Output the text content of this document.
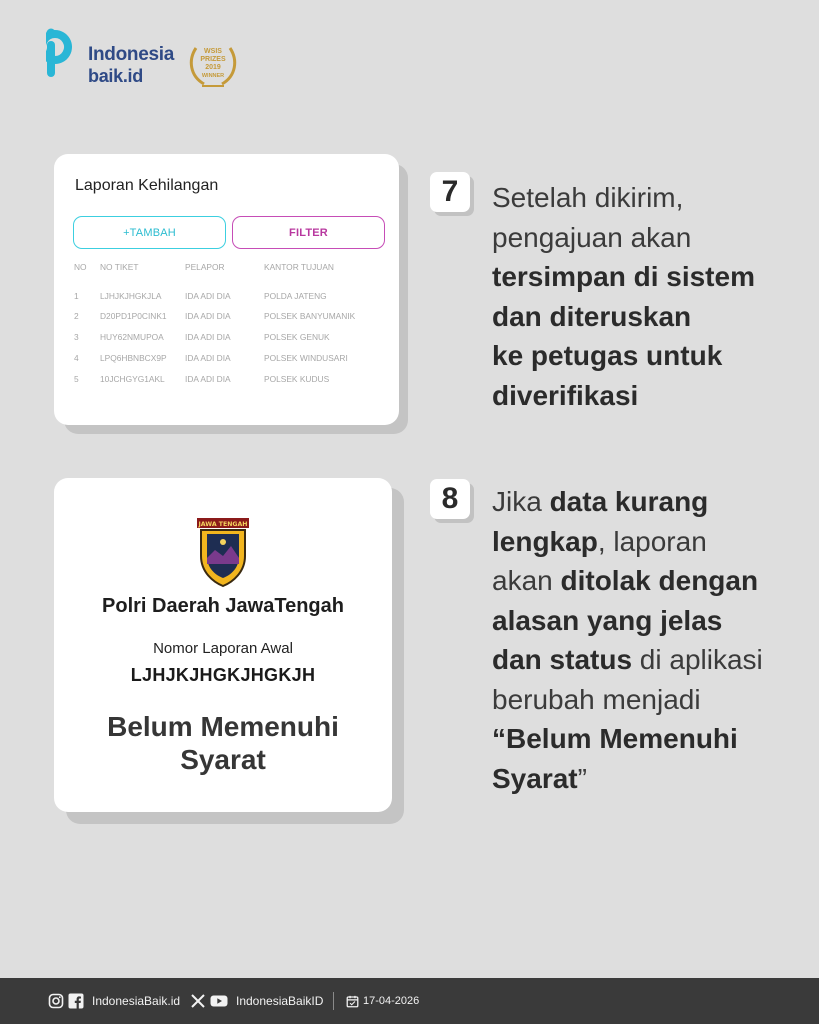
Indonesia
baik.id
WSIS
PRIZES
2019
WINNER
Laporan Kehilangan
+TAMBAH	FILTER
NO NO TIKET	PELAPOR	KANTOR TUJUAN
1	LJHJKJHGKJLA	IDA ADI DIA	POLDA JATENG
2	D20PD1P0CINK1 IDA ADI DIA	POLSEK BANYUMANIK
3	HUY62NMUPOA	IDA ADI DIA	POLSEK GENUK
4	LPQ6HBNBCX9P IDA ADI DIA	POLSEK WINDUSARI
5	10JCHGYG1AKL IDA ADI DIA	POLSEK KUDUS
7	Setelah dikirim,
pengajuan akan
tersimpan di sistem
dan diteruskan
ke petugas untuk
diverifikasi
JAWA TENGAH
Polri Daerah JawaTengah
Nomor Laporan Awal
LJHJKJHGKJHGKJH
Belum Memenuhi Syarat
8	Jika data kurang
lengkap, laporan
akan ditolak dengan
alasan yang jelas
dan status di aplikasi
berubah menjadi
“Belum Memenuhi
Syarat”
IndonesiaBaik.id	IndonesiaBaikID	17-04-2026
